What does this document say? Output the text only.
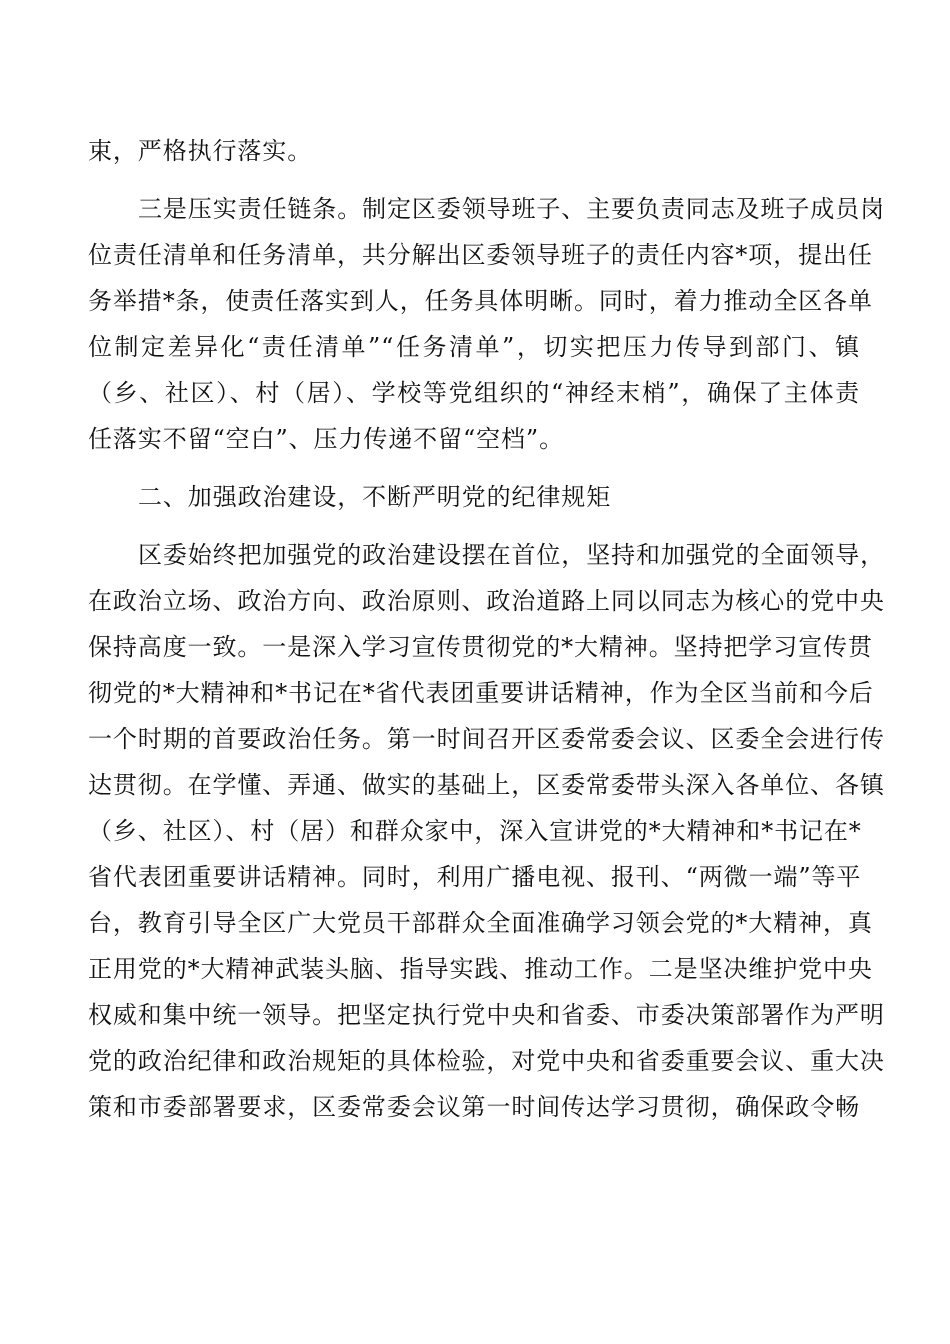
束，严格执行落实。
三是压实责任链条。制定区委领导班子、主要负责同志及班子成员岗
位责任清单和任务清单，共分解出区委领导班子的责任内容*项，提出任
务举措*条，使责任落实到人，任务具体明晰。同时，着力推动全区各单
位制定差异化“责任清单”“任务清单”，切实把压力传导到部门、镇
（乡、社区）、村（居）、学校等党组织的“神经末梢”，确保了主体责
任落实不留“空白”、压力传递不留“空档”。
二、加强政治建设，不断严明党的纪律规矩
区委始终把加强党的政治建设摆在首位，坚持和加强党的全面领导，
在政治立场、政治方向、政治原则、政治道路上同以同志为核心的党中央
保持高度一致。一是深入学习宣传贯彻党的*大精神。坚持把学习宣传贯
彻党的*大精神和*书记在*省代表团重要讲话精神，作为全区当前和今后
一个时期的首要政治任务。第一时间召开区委常委会议、区委全会进行传
达贯彻。在学懂、弄通、做实的基础上，区委常委带头深入各单位、各镇
（乡、社区）、村（居）和群众家中，深入宣讲党的*大精神和*书记在*
省代表团重要讲话精神。同时，利用广播电视、报刊、“两微一端”等平
台，教育引导全区广大党员干部群众全面准确学习领会党的*大精神，真
正用党的*大精神武装头脑、指导实践、推动工作。二是坚决维护党中央
权威和集中统一领导。把坚定执行党中央和省委、市委决策部署作为严明
党的政治纪律和政治规矩的具体检验，对党中央和省委重要会议、重大决
策和市委部署要求，区委常委会议第一时间传达学习贯彻，确保政令畅
